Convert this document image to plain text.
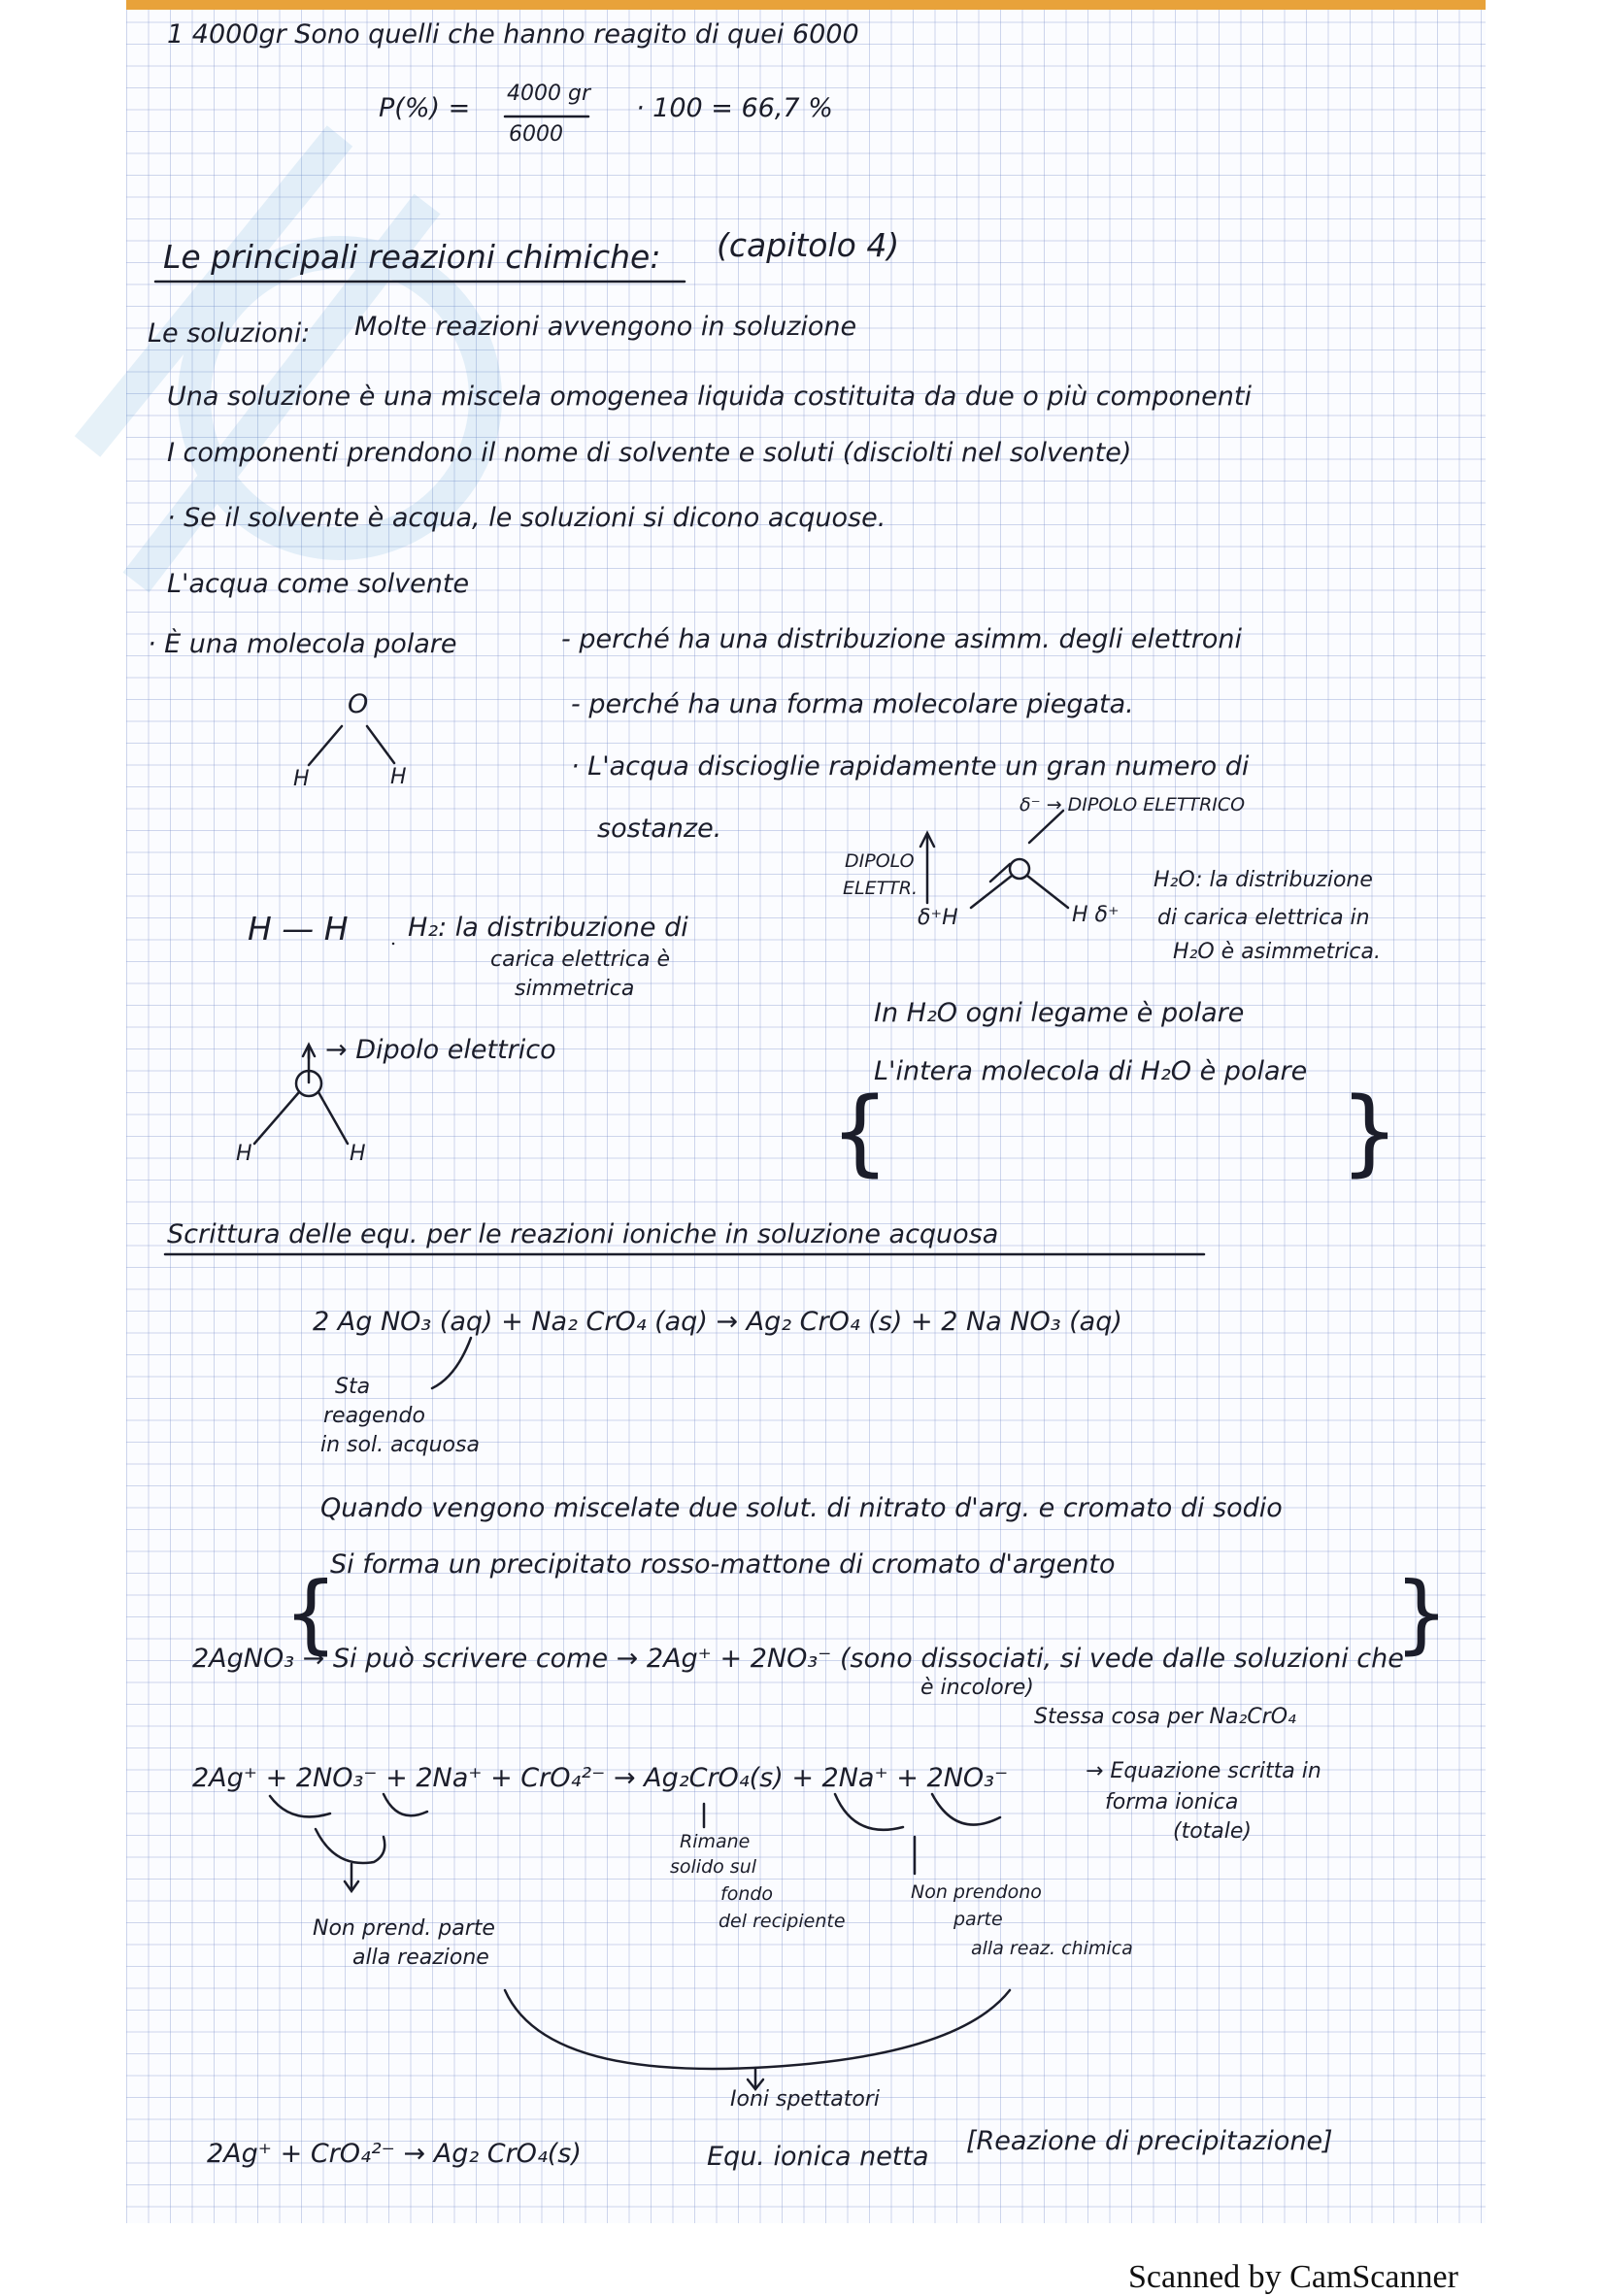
1 4000gr Sono quelli che hanno reagito di quei 6000

P(%) = 4000 gr

6000

· 100 = 66,7 %

Le principali reazioni chimiche: (capitolo 4)

Le soluzioni: Molte reazioni avvengono in soluzione

Una soluzione è una miscela omogenea liquida costituita da due o più componenti

I componenti prendono il nome di solvente e soluti (disciolti nel solvente)

· Se il solvente è acqua, le soluzioni si dicono acquose.

L'acqua come solvente

· È una molecola polare	- perché ha una distribuzione asimm. degli elettroni

- perché ha una forma molecolare piegata.

· L'acqua discioglie rapidamente un gran numero di

sostanze.

O

H	H

δ⁻ → DIPOLO ELETTRICO

DIPOLO

ELETTR.

δ⁺H	H δ⁺

H₂O: la distribuzione

di carica elettrica in

H₂O è asimmetrica.

H — H H₂: la distribuzione di

carica elettrica è

simmetrica

→ Dipolo elettrico

H	H	{

In H₂O ogni legame è polare

L'intera molecola di H₂O è polare

}

Scrittura delle equ. per le reazioni ioniche in soluzione acquosa

2 Ag NO₃ (aq) + Na₂ CrO₄ (aq) → Ag₂ CrO₄ (s) + 2 Na NO₃ (aq)

Sta

reagendo

in sol. acquosa

{

Quando vengono miscelate due solut. di nitrato d'arg. e cromato di sodio

Si forma un precipitato rosso-mattone di cromato d'argento	}

2AgNO₃ → Si può scrivere come → 2Ag⁺ + 2NO₃⁻ (sono dissociati, si vede dalle soluzioni che

è incolore)

Stessa cosa per Na₂CrO₄

2Ag⁺ + 2NO₃⁻ + 2Na⁺ + CrO₄²⁻ → Ag₂CrO₄(s) + 2Na⁺ + 2NO₃⁻	→ Equazione scritta in

forma ionica

(totale)

Rimane

solido sul

fondo

del recipiente

Non prend. parte

alla reazione

Non prendono

parte

alla reaz. chimica

Ioni spettatori

2Ag⁺ + CrO₄²⁻ → Ag₂ CrO₄(s)	Equ. ionica netta

[Reazione di precipitazione]

Scanned by CamScanner
